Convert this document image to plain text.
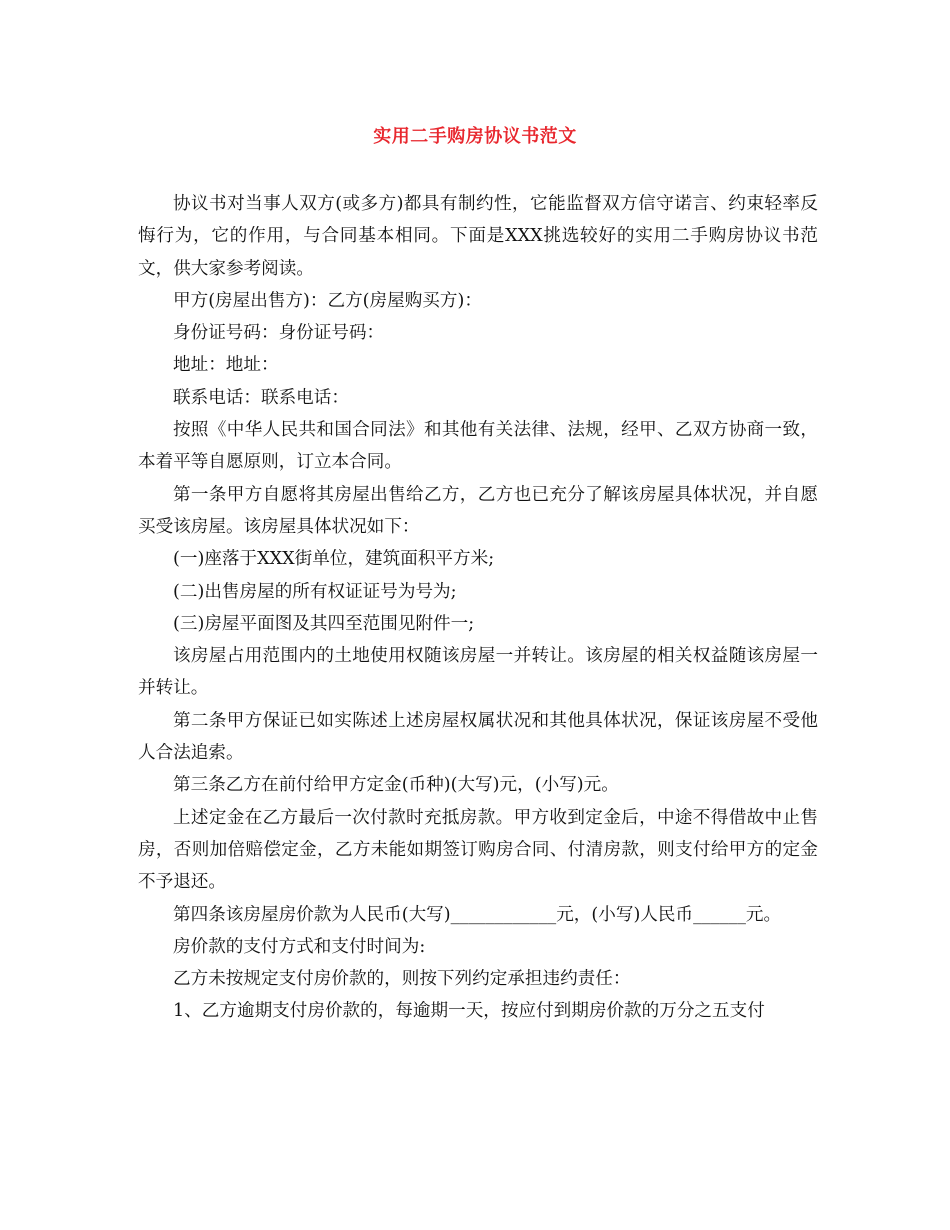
实用二手购房协议书范文

协议书对当事人双方(或多方)都具有制约性，它能监督双方信守诺言、约束轻率反悔行为，它的作用，与合同基本相同。下面是XXX挑选较好的实用二手购房协议书范文，供大家参考阅读。

甲方(房屋出售方)：乙方(房屋购买方)：

身份证号码：身份证号码：

地址：地址：

联系电话：联系电话：

按照《中华人民共和国合同法》和其他有关法律、法规，经甲、乙双方协商一致，本着平等自愿原则，订立本合同。

第一条甲方自愿将其房屋出售给乙方，乙方也已充分了解该房屋具体状况，并自愿买受该房屋。该房屋具体状况如下：

(一)座落于XXX街单位，建筑面积平方米;

(二)出售房屋的所有权证证号为号为;

(三)房屋平面图及其四至范围见附件一;

该房屋占用范围内的土地使用权随该房屋一并转让。该房屋的相关权益随该房屋一并转让。

第二条甲方保证已如实陈述上述房屋权属状况和其他具体状况，保证该房屋不受他人合法追索。

第三条乙方在前付给甲方定金(币种)(大写)元，(小写)元。

上述定金在乙方最后一次付款时充抵房款。甲方收到定金后，中途不得借故中止售房，否则加倍赔偿定金，乙方未能如期签订购房合同、付清房款，则支付给甲方的定金不予退还。

第四条该房屋房价款为人民币(大写)____________元，(小写)人民币______元。

房价款的支付方式和支付时间为:

乙方未按规定支付房价款的，则按下列约定承担违约责任：

1、乙方逾期支付房价款的，每逾期一天，按应付到期房价款的万分之五支付
